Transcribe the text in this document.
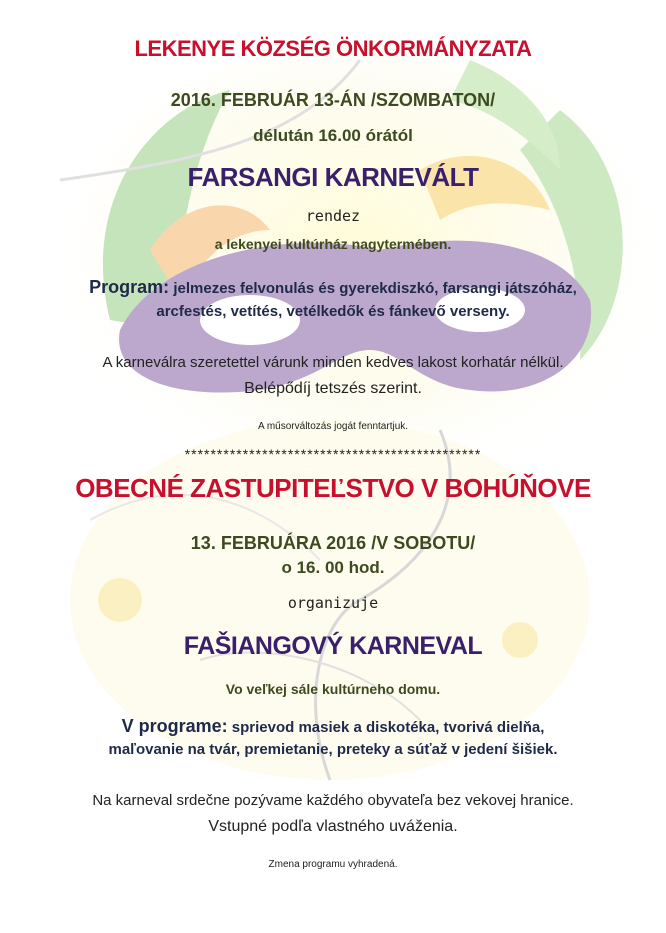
LEKENYE KÖZSÉG ÖNKORMÁNYZATA
2016. FEBRUÁR 13-ÁN /SZOMBATON/
délután 16.00 órától
FARSANGI KARNEVÁLT
rendez
a lekenyei kultúrház nagytermében.
Program: jelmezes felvonulás és gyerekdiszkó, farsangi játszóház,
arcfestés, vetítés, vetélkedők és fánkevő verseny.
A karneválra szeretettel várunk minden kedves lakost korhatár nélkül.
Belépődíj tetszés szerint.
A műsorváltozás jogát fenntartjuk.
**********************************************
OBECNÉ ZASTUPITEĽSTVO V BOHÚŇOVE
13. FEBRUÁRA 2016 /V SOBOTU/
o 16. 00 hod.
organizuje
FAŠIANGOVÝ KARNEVAL
Vo veľkej sále kultúrneho domu.
V programe: sprievod masiek a diskotéka, tvorivá dielňa,
maľovanie na tvár, premietanie, preteky a súťaž v jedení šišiek.
Na karneval srdečne pozývame každého obyvateľa bez vekovej hranice.
Vstupné podľa vlastného uváženia.
Zmena programu vyhradená.
